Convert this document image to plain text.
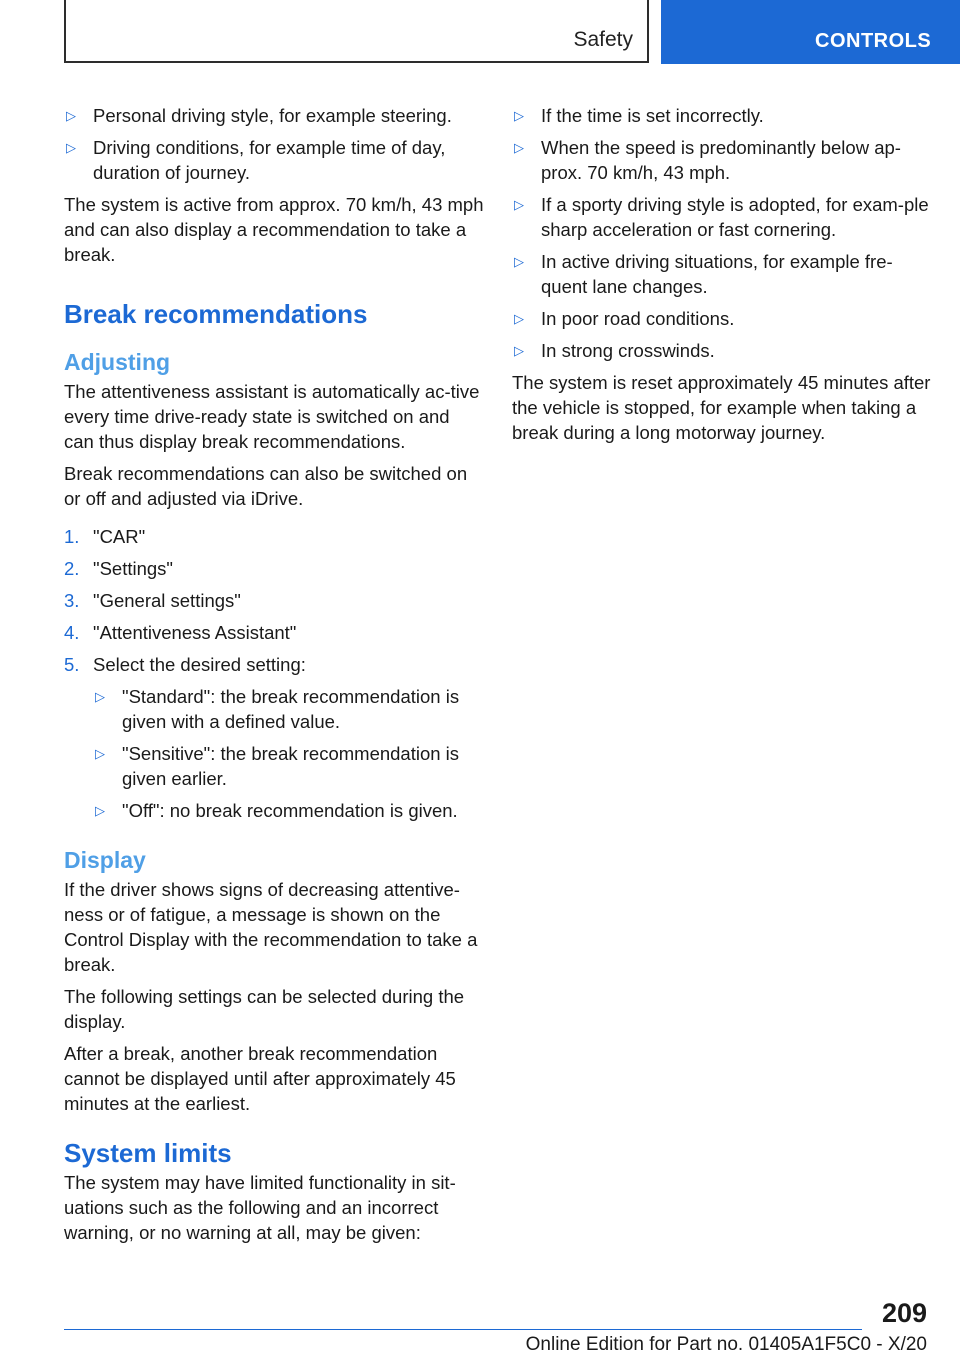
Safety	CONTROLS
▷ Personal driving style, for example steering.
▷ Driving conditions, for example time of day, duration of journey.

The system is active from approx. 70 km/h, 43 mph and can also display a recommendation to take a break.

Break recommendations
Adjusting

The attentiveness assistant is automatically ac-tive every time drive-ready state is switched on and can thus display break recommendations.

Break recommendations can also be switched on or off and adjusted via iDrive.

1. "CAR"
2. "Settings"
3. "General settings"
4. "Attentiveness Assistant"
5. Select the desired setting:
▷ "Standard": the break recommendation is given with a defined value.
▷ "Sensitive": the break recommendation is given earlier.
▷ "Off": no break recommendation is given.
Display

If the driver shows signs of decreasing attentive-ness or of fatigue, a message is shown on the Control Display with the recommendation to take a break.

The following settings can be selected during the display.

After a break, another break recommendation cannot be displayed until after approximately 45 minutes at the earliest.

System limits

The system may have limited functionality in sit-uations such as the following and an incorrect warning, or no warning at all, may be given:

▷ If the time is set incorrectly.
▷ When the speed is predominantly below ap-prox. 70 km/h, 43 mph.
▷ If a sporty driving style is adopted, for exam-ple sharp acceleration or fast cornering.
▷ In active driving situations, for example fre-quent lane changes.
▷ In poor road conditions.
▷ In strong crosswinds.

The system is reset approximately 45 minutes after the vehicle is stopped, for example when taking a break during a long motorway journey.

209
Online Edition for Part no. 01405A1F5C0 - X/20
